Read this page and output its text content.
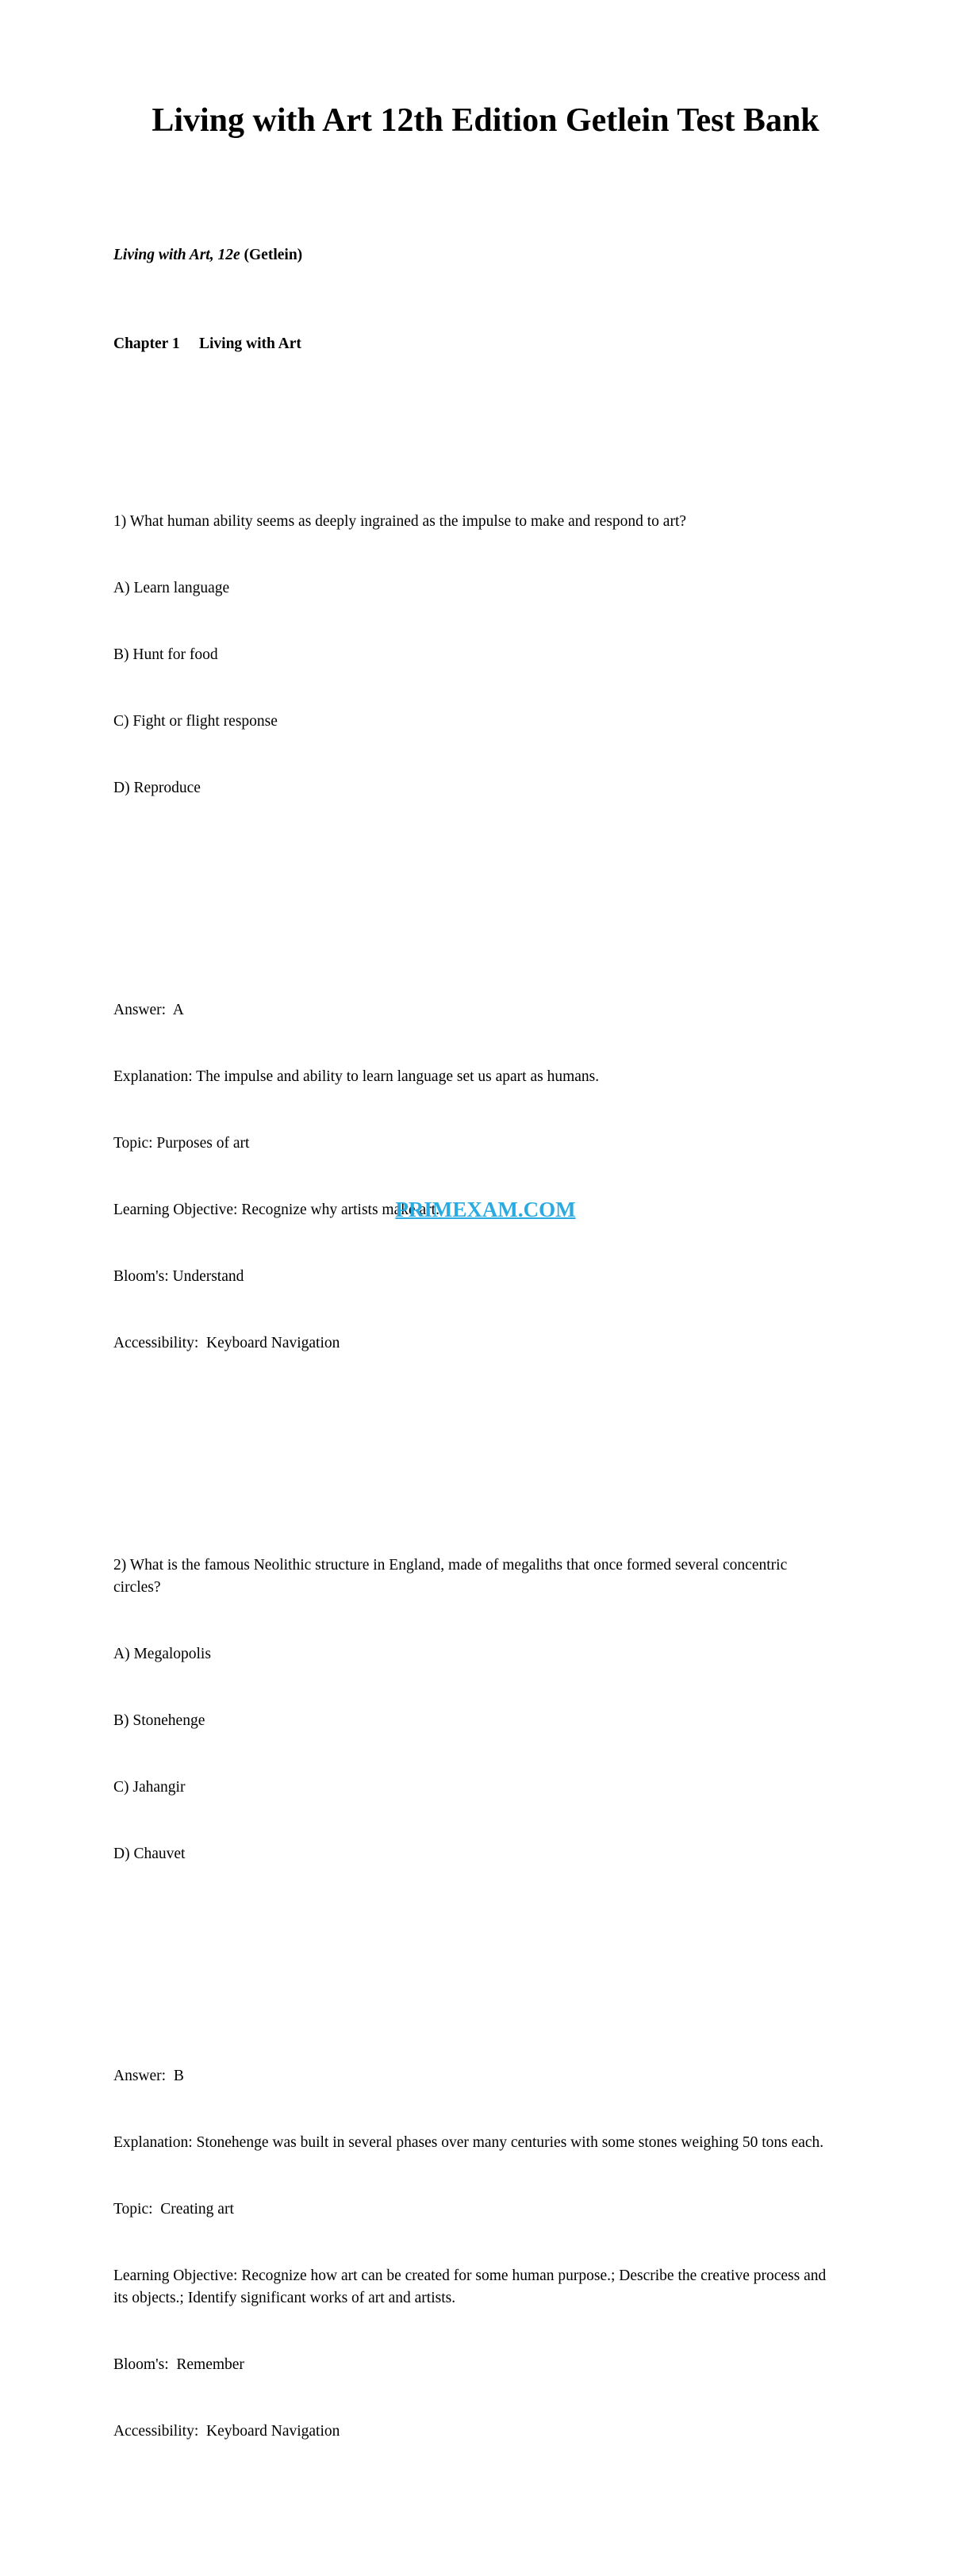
Living with Art 12th Edition Getlein Test Bank

Living with Art, 12e (Getlein)

Chapter 1     Living with Art

1) What human ability seems as deeply ingrained as the impulse to make and respond to art?

A) Learn language

B) Hunt for food

C) Fight or flight response

D) Reproduce

Answer:  A

Explanation: The impulse and ability to learn language set us apart as humans.

Topic: Purposes of art

Learning Objective: Recognize why artists make art.

Bloom's: Understand

Accessibility:  Keyboard Navigation

2) What is the famous Neolithic structure in England, made of megaliths that once formed several concentric circles?

A) Megalopolis

B) Stonehenge

C) Jahangir

D) Chauvet

Answer:  B

Explanation: Stonehenge was built in several phases over many centuries with some stones weighing 50 tons each.

Topic:  Creating art

Learning Objective: Recognize how art can be created for some human purpose.; Describe the creative process and its objects.; Identify significant works of art and artists.

Bloom's:  Remember

Accessibility:  Keyboard Navigation

PRIMEXAM.COM
